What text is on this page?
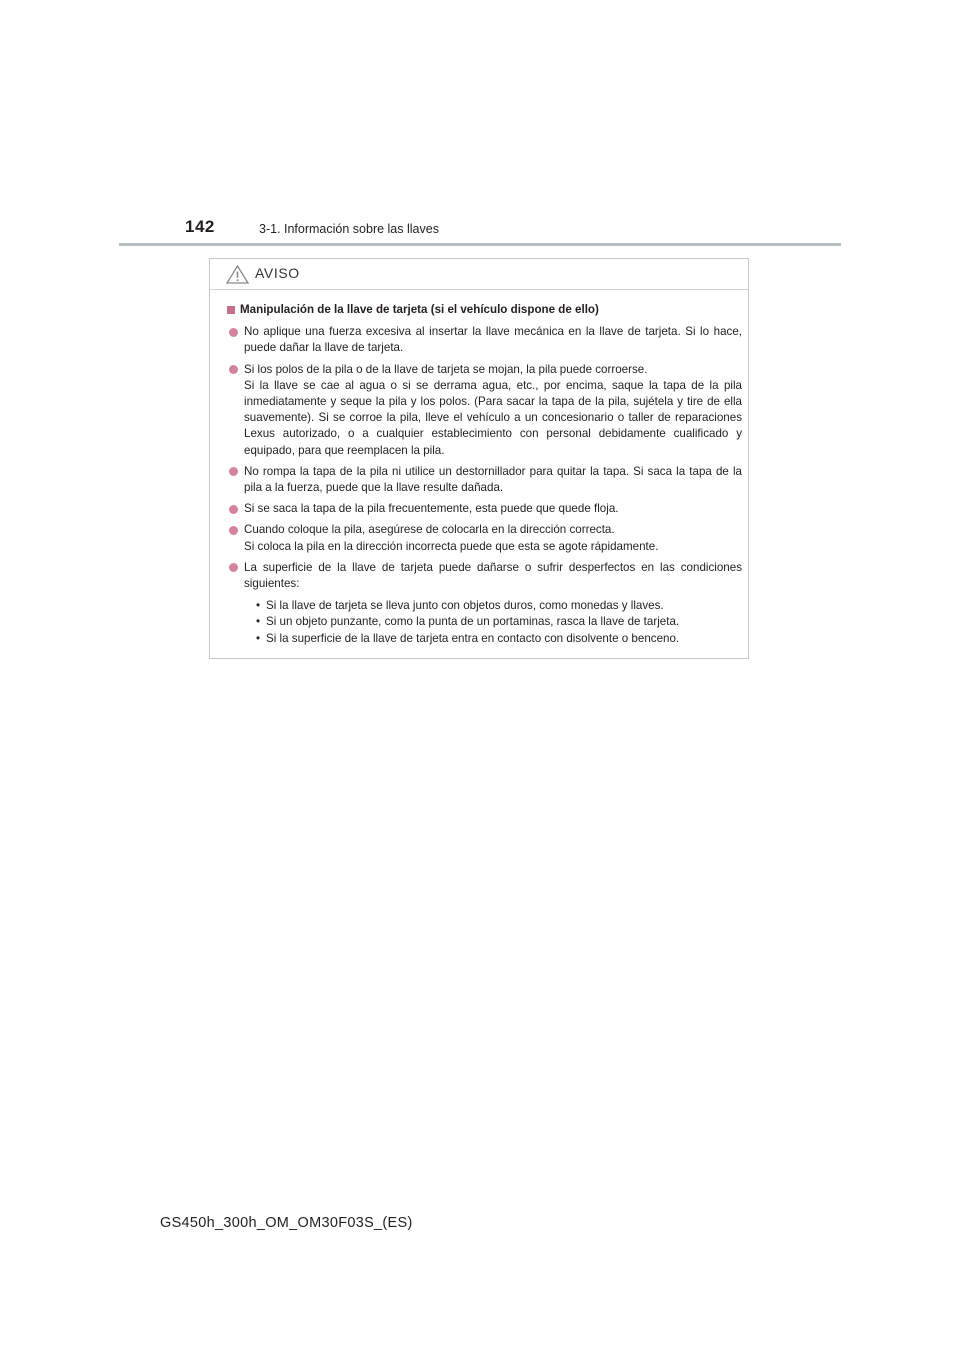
142	3-1. Información sobre las llaves
AVISO
Manipulación de la llave de tarjeta (si el vehículo dispone de ello)

No aplique una fuerza excesiva al insertar la llave mecánica en la llave de tarjeta. Si lo hace, puede dañar la llave de tarjeta.

Si los polos de la pila o de la llave de tarjeta se mojan, la pila puede corroerse.

Si la llave se cae al agua o si se derrama agua, etc., por encima, saque la tapa de la pila inmediatamente y seque la pila y los polos. (Para sacar la tapa de la pila, sujétela y tire de ella suavemente). Si se corroe la pila, lleve el vehículo a un concesionario o taller de reparaciones Lexus autorizado, o a cualquier establecimiento con personal debidamente cualificado y equipado, para que reemplacen la pila.

No rompa la tapa de la pila ni utilice un destornillador para quitar la tapa. Si saca la tapa de la pila a la fuerza, puede que la llave resulte dañada.

Si se saca la tapa de la pila frecuentemente, esta puede que quede floja.

Cuando coloque la pila, asegúrese de colocarla en la dirección correcta.

Si coloca la pila en la dirección incorrecta puede que esta se agote rápidamente.

La superficie de la llave de tarjeta puede dañarse o sufrir desperfectos en las condiciones siguientes:

• Si la llave de tarjeta se lleva junto con objetos duros, como monedas y llaves.
• Si un objeto punzante, como la punta de un portaminas, rasca la llave de tarjeta.
• Si la superficie de la llave de tarjeta entra en contacto con disolvente o benceno.
GS450h_300h_OM_OM30F03S_(ES)
